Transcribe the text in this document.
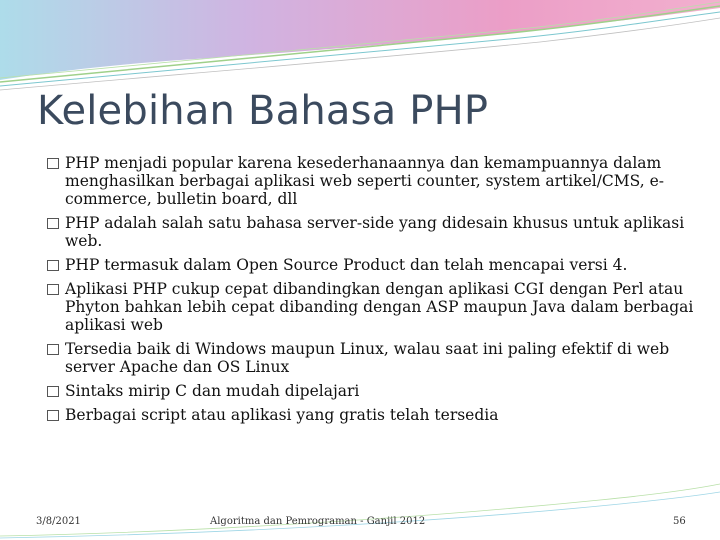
Kelebihan Bahasa PHP
PHP menjadi popular karena kesederhanaannya dan kemampuannya dalam menghasilkan berbagai aplikasi web seperti counter, system artikel/CMS, e-commerce, bulletin board, dll
PHP adalah salah satu bahasa server-side yang didesain khusus untuk aplikasi web.
PHP termasuk dalam Open Source Product dan telah mencapai versi 4.
Aplikasi PHP cukup cepat dibandingkan dengan aplikasi CGI dengan Perl atau Phyton bahkan lebih cepat dibanding dengan ASP maupun Java dalam berbagai aplikasi web
Tersedia baik di Windows maupun Linux, walau saat ini paling efektif di web server Apache dan OS Linux
Sintaks mirip C dan mudah dipelajari
Berbagai script atau aplikasi yang gratis telah tersedia
3/8/2021	Algoritma dan Pemrograman - Ganjil 2012	56
